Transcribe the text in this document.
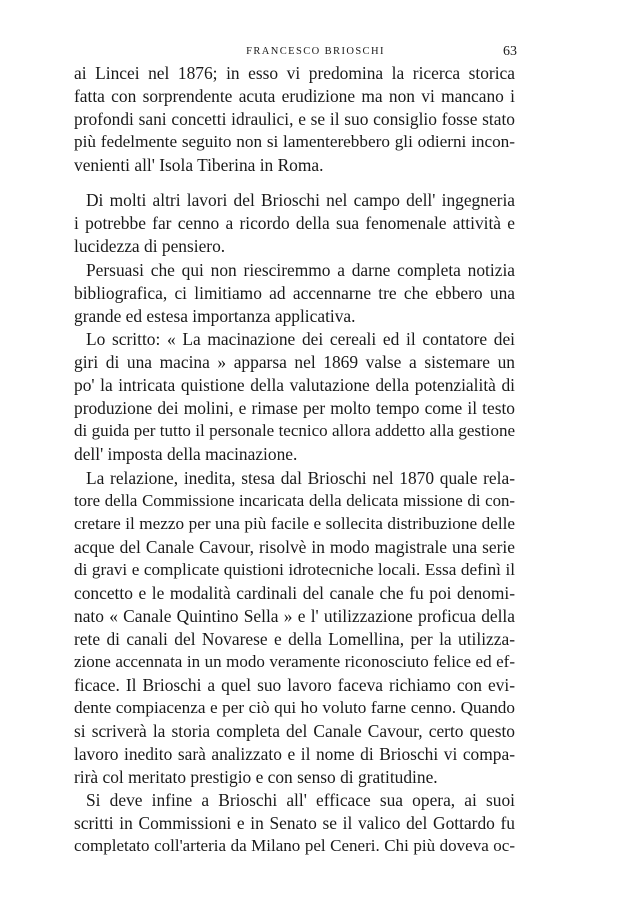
FRANCESCO BRIOSCHI	63
ai Lincei nel 1876; in esso vi predomina la ricerca storica
fatta con sorprendente acuta erudizione ma non vi mancano i
profondi sani concetti idraulici, e se il suo consiglio fosse stato
più fedelmente seguito non si lamenterebbero gli odierni incon-
venienti all' Isola Tiberina in Roma.
Di molti altri lavori del Brioschi nel campo dell' ingegneria
i potrebbe far cenno a ricordo della sua fenomenale attività e
lucidezza di pensiero.
Persuasi che qui non riesciremmo a darne completa notizia
bibliografica, ci limitiamo ad accennarne tre che ebbero una
grande ed estesa importanza applicativa.
Lo scritto: « La macinazione dei cereali ed il contatore dei
giri di una macina » apparsa nel 1869 valse a sistemare un
po' la intricata quistione della valutazione della potenzialità di
produzione dei molini, e rimase per molto tempo come il testo
di guida per tutto il personale tecnico allora addetto alla gestione
dell' imposta della macinazione.
La relazione, inedita, stesa dal Brioschi nel 1870 quale rela-
tore della Commissione incaricata della delicata missione di con-
cretare il mezzo per una più facile e sollecita distribuzione delle
acque del Canale Cavour, risolvè in modo magistrale una serie
di gravi e complicate quistioni idrotecniche locali. Essa definì il
concetto e le modalità cardinali del canale che fu poi denomi-
nato « Canale Quintino Sella » e l' utilizzazione proficua della
rete di canali del Novarese e della Lomellina, per la utilizza-
zione accennata in un modo veramente riconosciuto felice ed ef-
ficace. Il Brioschi a quel suo lavoro faceva richiamo con evi-
dente compiacenza e per ciò qui ho voluto farne cenno. Quando
si scriverà la storia completa del Canale Cavour, certo questo
lavoro inedito sarà analizzato e il nome di Brioschi vi compa-
rirà col meritato prestigio e con senso di gratitudine.
Si deve infine a Brioschi all' efficace sua opera, ai suoi
scritti in Commissioni e in Senato se il valico del Gottardo fu
completato coll'arteria da Milano pel Ceneri. Chi più doveva oc-
